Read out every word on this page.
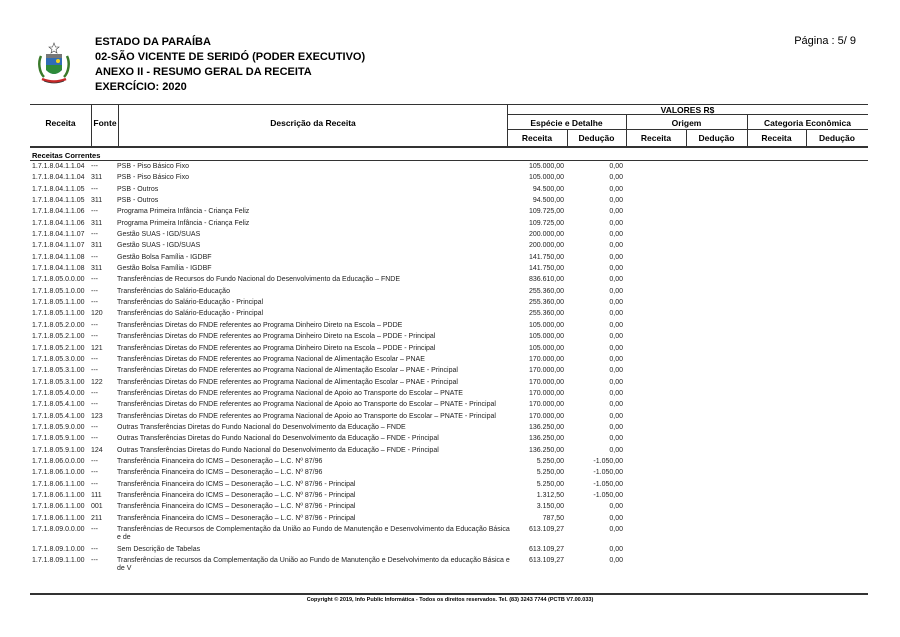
ESTADO DA PARAÍBA
02-SÃO VICENTE DE SERIDÓ (PODER EXECUTIVO)
ANEXO II - RESUMO GERAL DA RECEITA
EXERCÍCIO: 2020
Página : 5/ 9
Receita	Fonte	Descrição da Receita
VALORES R$
Espécie e Detalhe	Origem	Categoria Econômica
Receita	Dedução	Receita	Dedução	Receita	Dedução
Receitas Correntes
1.7.1.8.04.1.1.04 ---	PSB - Piso Básico Fixo	105.000,00	0,00
1.7.1.8.04.1.1.04 311	PSB - Piso Básico Fixo	105.000,00	0,00
1.7.1.8.04.1.1.05 ---	PSB - Outros	94.500,00	0,00
1.7.1.8.04.1.1.05 311	PSB - Outros	94.500,00	0,00
1.7.1.8.04.1.1.06 ---	Programa Primeira Infância - Criança Feliz	109.725,00	0,00
1.7.1.8.04.1.1.06 311	Programa Primeira Infância - Criança Feliz	109.725,00	0,00
1.7.1.8.04.1.1.07 ---	Gestão SUAS - IGD/SUAS	200.000,00	0,00
1.7.1.8.04.1.1.07 311	Gestão SUAS - IGD/SUAS	200.000,00	0,00
1.7.1.8.04.1.1.08 ---	Gestão Bolsa Família - IGDBF	141.750,00	0,00
1.7.1.8.04.1.1.08 311	Gestão Bolsa Família - IGDBF	141.750,00	0,00
1.7.1.8.05.0.0.00 ---	Transferências de Recursos do Fundo Nacional do Desenvolvimento da Educação – FNDE	836.610,00	0,00
1.7.1.8.05.1.0.00 ---	Transferências do Salário-Educação	255.360,00	0,00
1.7.1.8.05.1.1.00 ---	Transferências do Salário-Educação - Principal	255.360,00	0,00
1.7.1.8.05.1.1.00 120	Transferências do Salário-Educação - Principal	255.360,00	0,00
1.7.1.8.05.2.0.00 ---	Transferências Diretas do FNDE referentes ao Programa Dinheiro Direto na Escola – PDDE	105.000,00	0,00
1.7.1.8.05.2.1.00 ---	Transferências Diretas do FNDE referentes ao Programa Dinheiro Direto na Escola – PDDE - Principal	105.000,00	0,00
1.7.1.8.05.2.1.00 121	Transferências Diretas do FNDE referentes ao Programa Dinheiro Direto na Escola – PDDE - Principal	105.000,00	0,00
1.7.1.8.05.3.0.00 ---	Transferências Diretas do FNDE referentes ao Programa Nacional de Alimentação Escolar – PNAE	170.000,00	0,00
1.7.1.8.05.3.1.00 ---	Transferências Diretas do FNDE referentes ao Programa Nacional de Alimentação Escolar – PNAE - Principal	170.000,00	0,00
1.7.1.8.05.3.1.00 122	Transferências Diretas do FNDE referentes ao Programa Nacional de Alimentação Escolar – PNAE - Principal	170.000,00	0,00
1.7.1.8.05.4.0.00 ---	Transferências Diretas do FNDE referentes ao Programa Nacional de Apoio ao Transporte do Escolar – PNATE	170.000,00	0,00
1.7.1.8.05.4.1.00 ---	Transferências Diretas do FNDE referentes ao Programa Nacional de Apoio ao Transporte do Escolar – PNATE - Principal	170.000,00	0,00
1.7.1.8.05.4.1.00 123	Transferências Diretas do FNDE referentes ao Programa Nacional de Apoio ao Transporte do Escolar – PNATE - Principal	170.000,00	0,00
1.7.1.8.05.9.0.00 ---	Outras Transferências Diretas do Fundo Nacional do Desenvolvimento da Educação – FNDE	136.250,00	0,00
1.7.1.8.05.9.1.00 ---	Outras Transferências Diretas do Fundo Nacional do Desenvolvimento da Educação – FNDE - Principal	136.250,00	0,00
1.7.1.8.05.9.1.00 124	Outras Transferências Diretas do Fundo Nacional do Desenvolvimento da Educação – FNDE - Principal	136.250,00	0,00
1.7.1.8.06.0.0.00 ---	Transferência Financeira do ICMS – Desoneração – L.C. Nº 87/96	5.250,00	-1.050,00
1.7.1.8.06.1.0.00 ---	Transferência Financeira do ICMS – Desoneração – L.C. Nº 87/96	5.250,00	-1.050,00
1.7.1.8.06.1.1.00 ---	Transferência Financeira do ICMS – Desoneração – L.C. Nº 87/96 - Principal	5.250,00	-1.050,00
1.7.1.8.06.1.1.00 111	Transferência Financeira do ICMS – Desoneração – L.C. Nº 87/96 - Principal	1.312,50	-1.050,00
1.7.1.8.06.1.1.00 001	Transferência Financeira do ICMS – Desoneração – L.C. Nº 87/96 - Principal	3.150,00	0,00
1.7.1.8.06.1.1.00 211	Transferência Financeira do ICMS – Desoneração – L.C. Nº 87/96 - Principal	787,50	0,00
1.7.1.8.09.0.0.00 ---	Transferências de Recursos de Complementação da União ao Fundo de Manutenção e Desenvolvimento da Educação Básica e de
613.109,27	0,00
1.7.1.8.09.1.0.00 ---	Sem Descrição de Tabelas	613.109,27	0,00
1.7.1.8.09.1.1.00 ---	Transferências de recursos da Complementação da União ao Fundo de Manutenção e Deselvolvimento da educação Básica e de V
613.109,27	0,00
Copyright © 2019, Info Public Informática - Todos os direitos reservados. Tel. (83) 3243 7744 (PCTB V7.00.033)
